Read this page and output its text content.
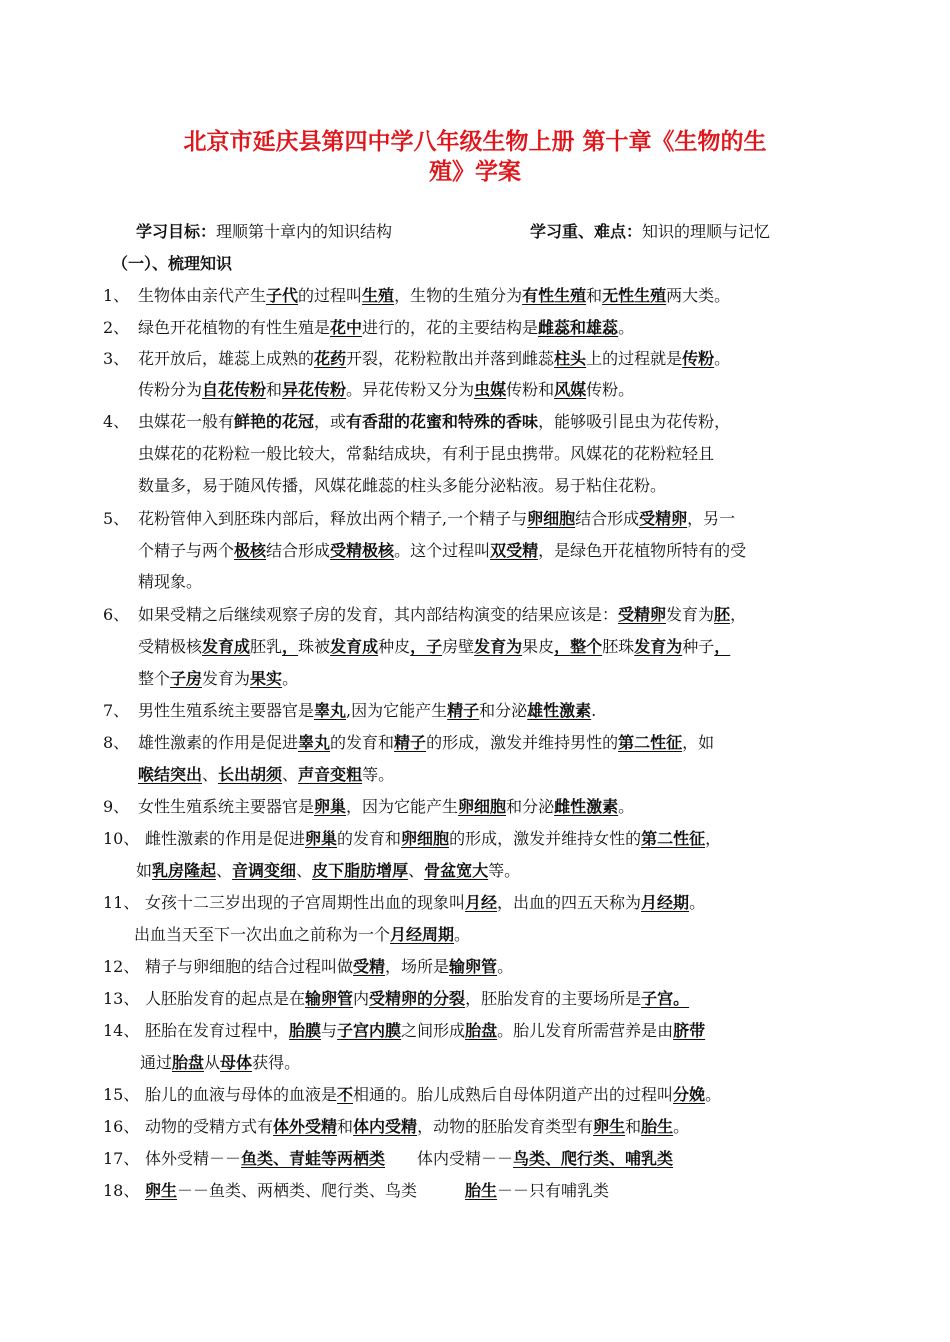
北京市延庆县第四中学八年级生物上册 第十章《生物的生
殖》学案
学习目标：理顺第十章内的知识结构	学习重、难点：知识的理顺与记忆
（一）、梳理知识
1、 生物体由亲代产生子代的过程叫生殖，生物的生殖分为有性生殖和无性生殖两大类。
2、 绿色开花植物的有性生殖是花中进行的，花的主要结构是雌蕊和雄蕊。
3、 花开放后，雄蕊上成熟的花药开裂，花粉粒散出并落到雌蕊柱头上的过程就是传粉。
传粉分为自花传粉和异花传粉。异花传粉又分为虫媒传粉和风媒传粉。
4、 虫媒花一般有鲜艳的花冠，或有香甜的花蜜和特殊的香味，能够吸引昆虫为花传粉，
虫媒花的花粉粒一般比较大，常黏结成块，有利于昆虫携带。风媒花的花粉粒轻且
数量多，易于随风传播，风媒花雌蕊的柱头多能分泌粘液。易于粘住花粉。
5、 花粉管伸入到胚珠内部后，释放出两个精子,一个精子与卵细胞结合形成受精卵，另一
个精子与两个极核结合形成受精极核。这个过程叫双受精，是绿色开花植物所特有的受
精现象。
6、 如果受精之后继续观察子房的发育，其内部结构演变的结果应该是：受精卵发育为胚，
受精极核发育成胚乳，珠被发育成种皮，子房壁发育为果皮，整个胚珠发育为种子，
整个子房发育为果实。
7、 男性生殖系统主要器官是睾丸,因为它能产生精子和分泌雄性激素.
8、 雄性激素的作用是促进睾丸的发育和精子的形成，激发并维持男性的第二性征，如
喉结突出、长出胡须、声音变粗等。
9、 女性生殖系统主要器官是卵巢，因为它能产生卵细胞和分泌雌性激素。
10、 雌性激素的作用是促进卵巢的发育和卵细胞的形成，激发并维持女性的第二性征，
如乳房隆起、音调变细、皮下脂肪增厚、骨盆宽大等。
11、 女孩十二三岁出现的子宫周期性出血的现象叫月经，出血的四五天称为月经期。
出血当天至下一次出血之前称为一个月经周期。
12、 精子与卵细胞的结合过程叫做受精，场所是输卵管。
13、 人胚胎发育的起点是在输卵管内受精卵的分裂，胚胎发育的主要场所是子宫。
14、 胚胎在发育过程中，胎膜与子宫内膜之间形成胎盘。胎儿发育所需营养是由脐带
通过胎盘从母体获得。
15、 胎儿的血液与母体的血液是不相通的。胎儿成熟后自母体阴道产出的过程叫分娩。
16、 动物的受精方式有体外受精和体内受精，动物的胚胎发育类型有卵生和胎生。
17、 体外受精－－鱼类、青蛙等两栖类　　体内受精－－鸟类、爬行类、哺乳类
18、 卵生－－鱼类、两栖类、爬行类、鸟类　　　胎生－－只有哺乳类
